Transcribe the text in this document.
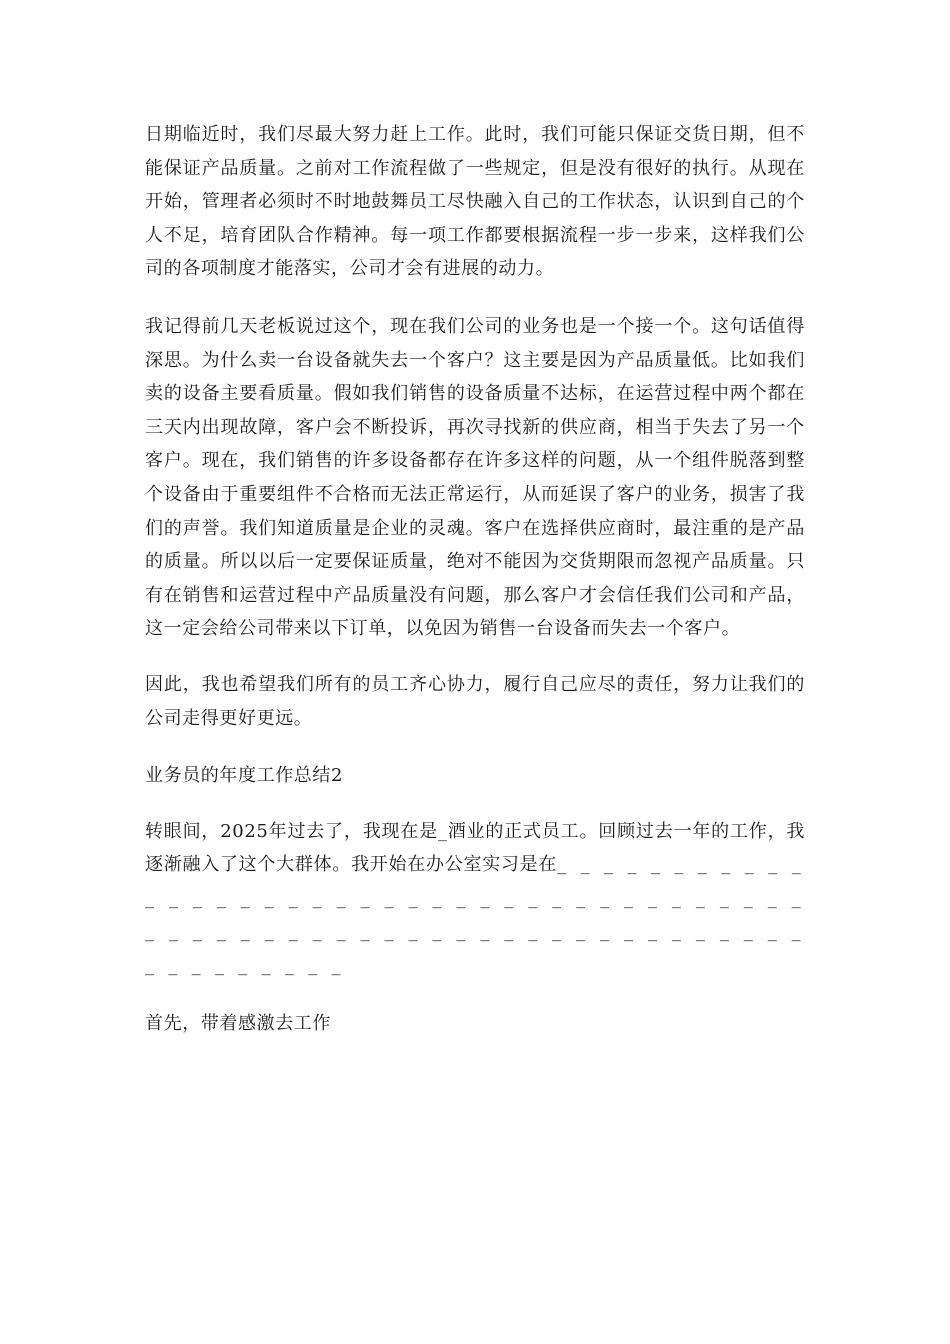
日期临近时，我们尽最大努力赶上工作。此时，我们可能只保证交货日期，但不能保证产品质量。之前对工作流程做了一些规定，但是没有很好的执行。从现在开始，管理者必须时不时地鼓舞员工尽快融入自己的工作状态，认识到自己的个人不足，培育团队合作精神。每一项工作都要根据流程一步一步来，这样我们公司的各项制度才能落实，公司才会有进展的动力。

我记得前几天老板说过这个，现在我们公司的业务也是一个接一个。这句话值得深思。为什么卖一台设备就失去一个客户？这主要是因为产品质量低。比如我们卖的设备主要看质量。假如我们销售的设备质量不达标，在运营过程中两个都在三天内出现故障，客户会不断投诉，再次寻找新的供应商，相当于失去了另一个客户。现在，我们销售的许多设备都存在许多这样的问题，从一个组件脱落到整个设备由于重要组件不合格而无法正常运行，从而延误了客户的业务，损害了我们的声誉。我们知道质量是企业的灵魂。客户在选择供应商时，最注重的是产品的质量。所以以后一定要保证质量，绝对不能因为交货期限而忽视产品质量。只有在销售和运营过程中产品质量没有问题，那么客户才会信任我们公司和产品，这一定会给公司带来以下订单，以免因为销售一台设备而失去一个客户。

因此，我也希望我们所有的员工齐心协力，履行自己应尽的责任，努力让我们的公司走得更好更远。

业务员的年度工作总结2

转眼间，2025年过去了，我现在是_酒业的正式员工。回顾过去一年的工作，我逐渐融入了这个大群体。我开始在办公室实习是在_ _ _ _ _ _ _ _ _ _ _ _ _ _ _ _ _ _ _ _ _ _ _ _ _ _ _ _ _ _ _ _ _ _ _ _ _ _ _ _ _ _ _ _ _ _ _ _ _ _ _ _ _ _ _ _ _ _ _ _ _ _ _ _ _ _ _ _ _ _ _ _ _ _ _ _

首先，带着感激去工作
